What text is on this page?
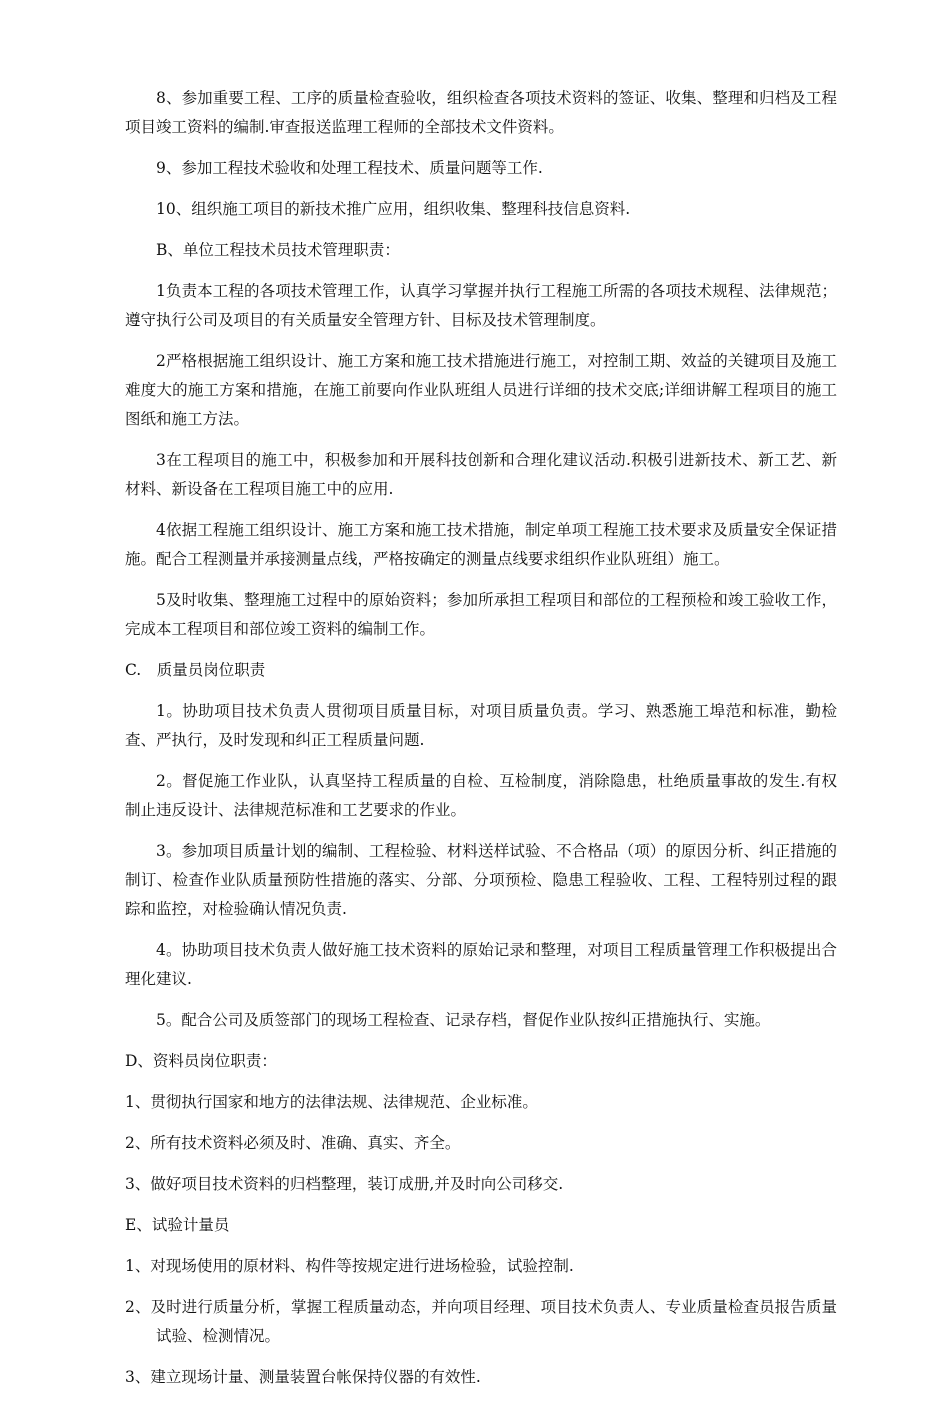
8、参加重要工程、工序的质量检查验收，组织检查各项技术资料的签证、收集、整理和归档及工程项目竣工资料的编制.审查报送监理工程师的全部技术文件资料。

9、参加工程技术验收和处理工程技术、质量问题等工作.

10、组织施工项目的新技术推广应用，组织收集、整理科技信息资料.

B、单位工程技术员技术管理职责：

1负责本工程的各项技术管理工作，认真学习掌握并执行工程施工所需的各项技术规程、法律规范；遵守执行公司及项目的有关质量安全管理方针、目标及技术管理制度。

2严格根据施工组织设计、施工方案和施工技术措施进行施工，对控制工期、效益的关键项目及施工难度大的施工方案和措施，在施工前要向作业队班组人员进行详细的技术交底;详细讲解工程项目的施工图纸和施工方法。

3在工程项目的施工中，积极参加和开展科技创新和合理化建议活动.积极引进新技术、新工艺、新材料、新设备在工程项目施工中的应用.

4依据工程施工组织设计、施工方案和施工技术措施，制定单项工程施工技术要求及质量安全保证措施。配合工程测量并承接测量点线，严格按确定的测量点线要求组织作业队班组）施工。

5及时收集、整理施工过程中的原始资料；参加所承担工程项目和部位的工程预检和竣工验收工作，完成本工程项目和部位竣工资料的编制工作。

C.　质量员岗位职责

1。协助项目技术负责人贯彻项目质量目标，对项目质量负责。学习、熟悉施工埠范和标准，勤检查、严执行，及时发现和纠正工程质量问题.

2。督促施工作业队，认真坚持工程质量的自检、互检制度，消除隐患，杜绝质量事故的发生.有权制止违反设计、法律规范标准和工艺要求的作业。

3。参加项目质量计划的编制、工程检验、材料送样试验、不合格品（项）的原因分析、纠正措施的制订、检查作业队质量预防性措施的落实、分部、分项预检、隐患工程验收、工程、工程特别过程的跟踪和监控，对检验确认情况负责.

4。协助项目技术负责人做好施工技术资料的原始记录和整理，对项目工程质量管理工作积极提出合理化建议.

5。配合公司及质签部门的现场工程检查、记录存档，督促作业队按纠正措施执行、实施。

D、资料员岗位职责：

1、贯彻执行国家和地方的法律法规、法律规范、企业标准。

2、所有技术资料必须及时、准确、真实、齐全。

3、做好项目技术资料的归档整理，装订成册,并及时向公司移交.

E、试验计量员

1、对现场使用的原材料、构件等按规定进行进场检验，试验控制.

2、及时进行质量分析，掌握工程质量动态，并向项目经理、项目技术负责人、专业质量检查员报告质量试验、检测情况。

3、建立现场计量、测量装置台帐保持仪器的有效性.
